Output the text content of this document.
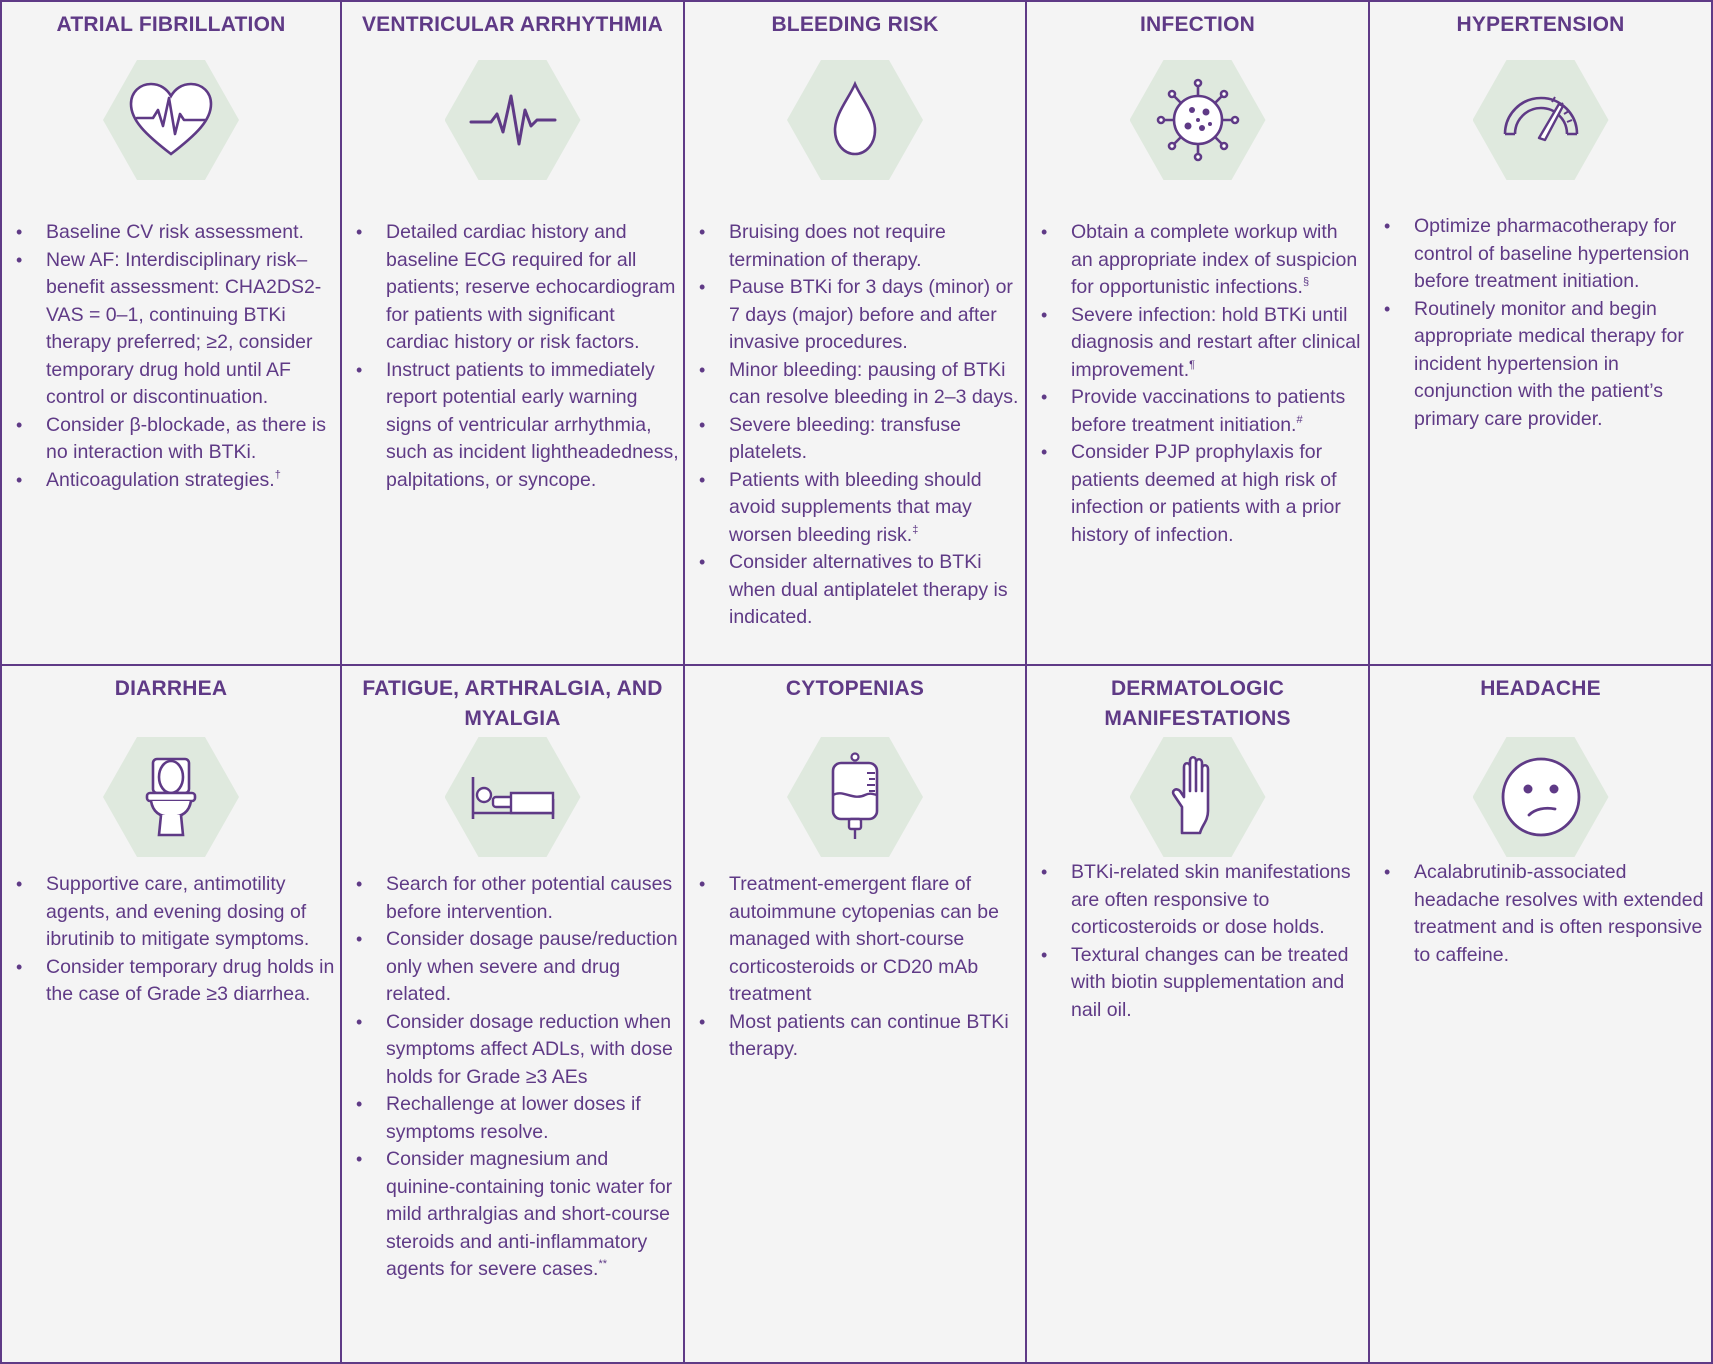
ATRIAL FIBRILLATION
• Baseline CV risk assessment.
• New AF: Interdisciplinary risk–benefit assessment: CHA2DS2-VAS = 0–1, continuing BTKi therapy preferred; ≥2, consider temporary drug hold until AF control or discontinuation.
• Consider β-blockade, as there is no interaction with BTKi.
• Anticoagulation strategies.†
VENTRICULAR ARRHYTHMIA
• Detailed cardiac history and baseline ECG required for all patients; reserve echocardiogram for patients with significant cardiac history or risk factors.
• Instruct patients to immediately report potential early warning signs of ventricular arrhythmia, such as incident lightheadedness, palpitations, or syncope.
BLEEDING RISK
• Bruising does not require termination of therapy.
• Pause BTKi for 3 days (minor) or 7 days (major) before and after invasive procedures.
• Minor bleeding: pausing of BTKi can resolve bleeding in 2–3 days.
• Severe bleeding: transfuse platelets.
• Patients with bleeding should avoid supplements that may worsen bleeding risk.‡
• Consider alternatives to BTKi when dual antiplatelet therapy is indicated.
INFECTION
• Obtain a complete workup with an appropriate index of suspicion for opportunistic infections.§
• Severe infection: hold BTKi until diagnosis and restart after clinical improvement.¶
• Provide vaccinations to patients before treatment initiation.#
• Consider PJP prophylaxis for patients deemed at high risk of infection or patients with a prior history of infection.
HYPERTENSION
• Optimize pharmacotherapy for control of baseline hypertension before treatment initiation.
• Routinely monitor and begin appropriate medical therapy for incident hypertension in conjunction with the patient’s primary care provider.
DIARRHEA
• Supportive care, antimotility agents, and evening dosing of ibrutinib to mitigate symptoms.
• Consider temporary drug holds in the case of Grade ≥3 diarrhea.
FATIGUE, ARTHRALGIA, AND MYALGIA
• Search for other potential causes before intervention.
• Consider dosage pause/reduction only when severe and drug related.
• Consider dosage reduction when symptoms affect ADLs, with dose holds for Grade ≥3 AEs
• Rechallenge at lower doses if symptoms resolve.
• Consider magnesium and quinine-containing tonic water for mild arthralgias and short-course steroids and anti-inflammatory agents for severe cases.**
CYTOPENIAS
• Treatment-emergent flare of autoimmune cytopenias can be managed with short-course corticosteroids or CD20 mAb treatment
• Most patients can continue BTKi therapy.
DERMATOLOGIC MANIFESTATIONS
• BTKi-related skin manifestations are often responsive to corticosteroids or dose holds.
• Textural changes can be treated with biotin supplementation and nail oil.
HEADACHE
• Acalabrutinib-associated headache resolves with extended treatment and is often responsive to caffeine.
